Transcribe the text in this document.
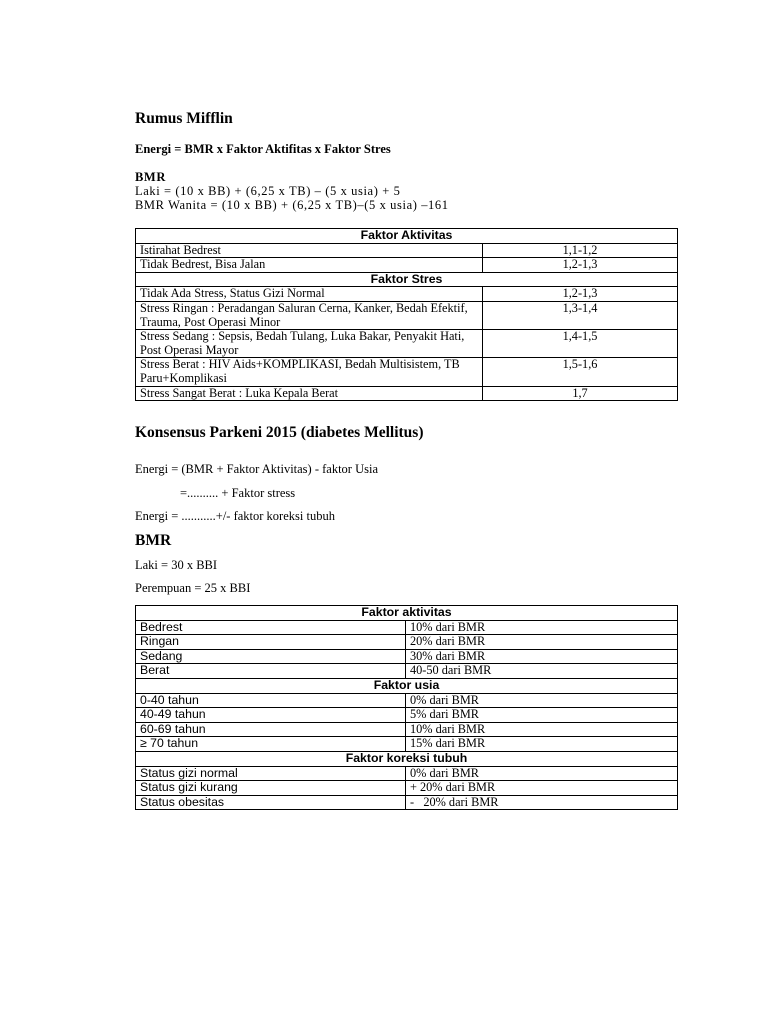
Rumus Mifflin
Energi = BMR x Faktor Aktifitas x Faktor Stres
BMR
Laki = (10 x BB) + (6,25 x TB) – (5 x usia) + 5
BMR Wanita = (10 x BB) + (6,25 x TB)–(5 x usia) –161
Faktor Aktivitas	
Istirahat Bedrest	1,1-1,2
Tidak Bedrest, Bisa Jalan	1,2-1,3
Faktor Stres	
Tidak Ada Stress, Status Gizi Normal	1,2-1,3
Stress Ringan : Peradangan Saluran Cerna, Kanker, Bedah Efektif, Trauma, Post Operasi Minor	1,3-1,4
Stress Sedang : Sepsis, Bedah Tulang, Luka Bakar, Penyakit Hati, Post Operasi Mayor	1,4-1,5
Stress Berat : HIV Aids+KOMPLIKASI, Bedah Multisistem, TB Paru+Komplikasi	1,5-1,6
Stress Sangat Berat : Luka Kepala Berat	1,7
Konsensus Parkeni 2015 (diabetes Mellitus)
Energi = (BMR + Faktor Aktivitas) - faktor Usia
=.......... + Faktor stress
Energi = ...........+/- faktor koreksi tubuh
BMR
Laki = 30 x BBI
Perempuan = 25 x BBI
Faktor aktivitas	
Bedrest	10% dari BMR
Ringan	20% dari BMR
Sedang	30% dari BMR
Berat	40-50 dari BMR
Faktor usia	
0-40 tahun	0% dari BMR
40-49 tahun	5% dari BMR
60-69 tahun	10% dari BMR
≥ 70 tahun	15% dari BMR
Faktor koreksi tubuh	
Status gizi normal	0% dari BMR
Status gizi kurang	+ 20% dari BMR
Status obesitas	-   20% dari BMR
